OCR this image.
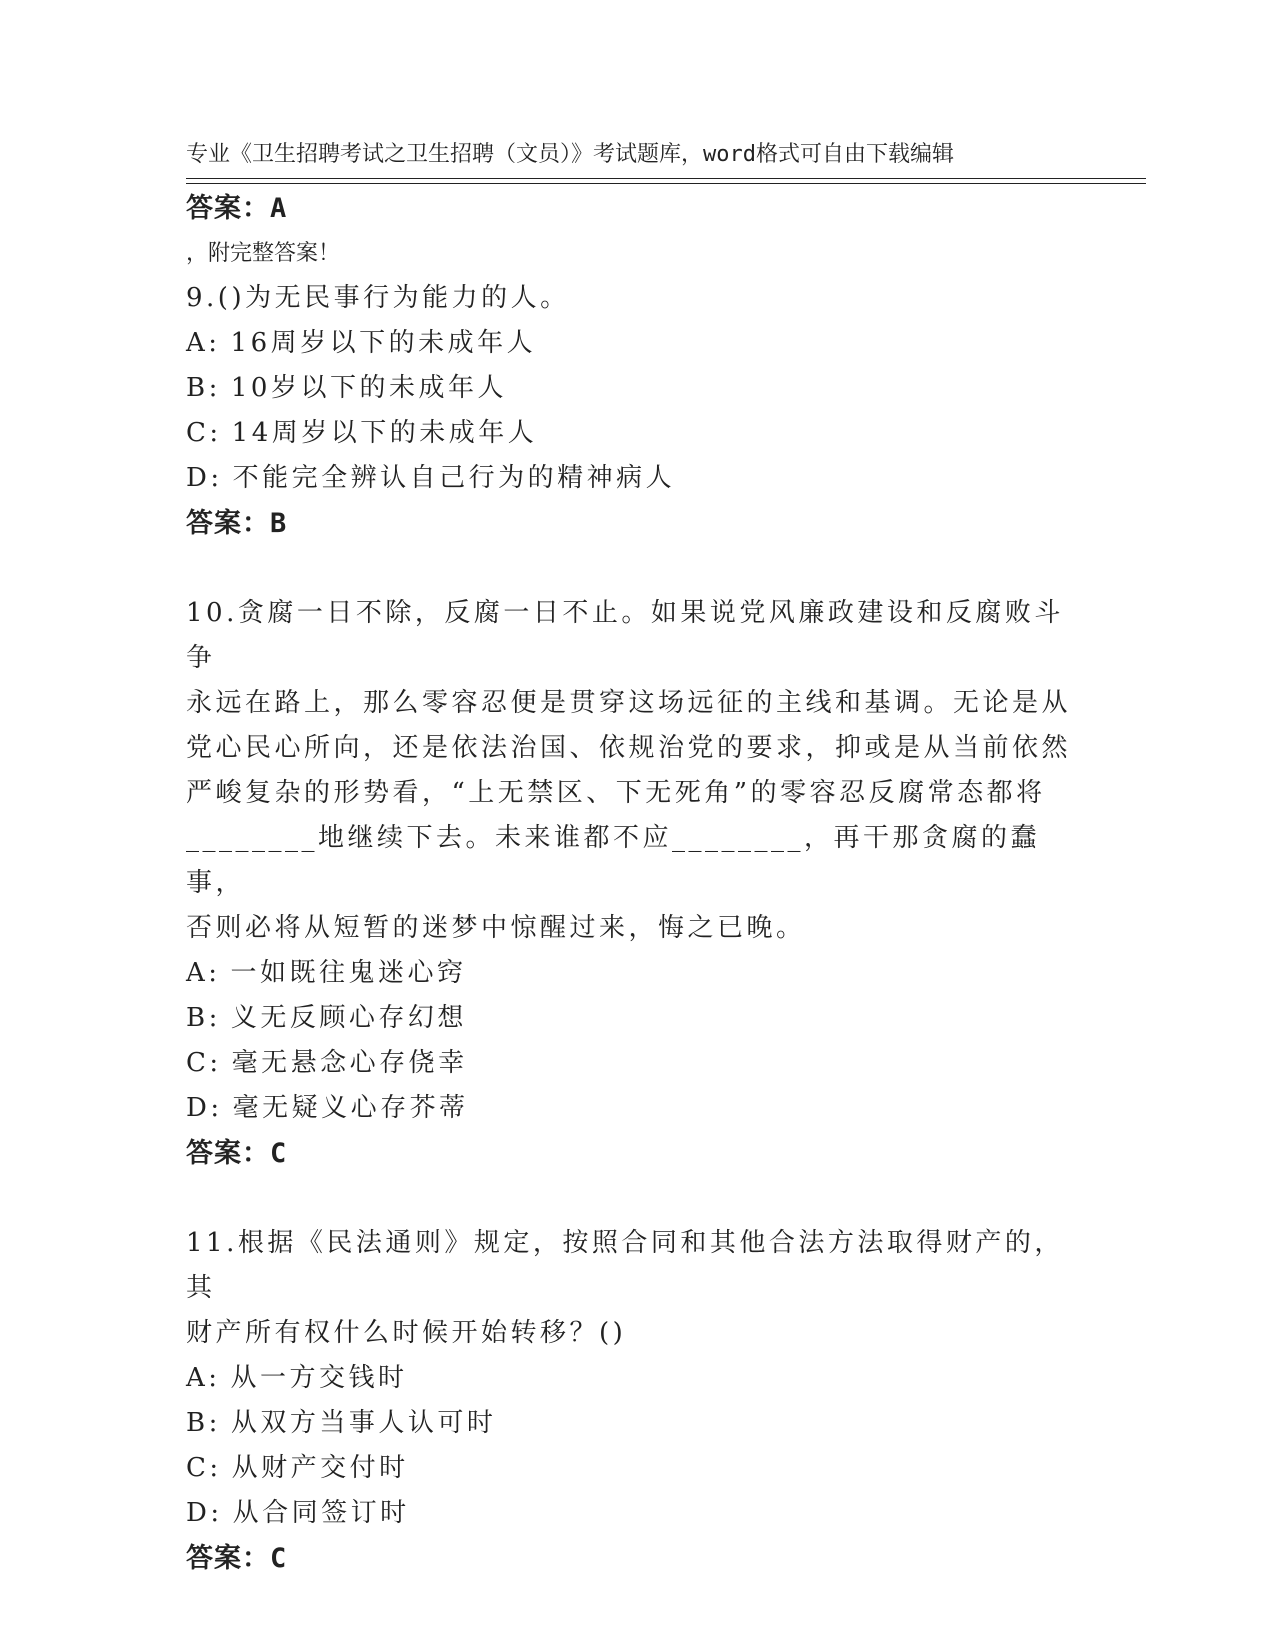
专业《卫生招聘考试之卫生招聘（文员）》考试题库，word格式可自由下载编辑

，附完整答案！

答案：A
9.()为无民事行为能力的人。
A: 16周岁以下的未成年人
B: 10岁以下的未成年人
C: 14周岁以下的未成年人
D: 不能完全辨认自己行为的精神病人
答案：B
10.贪腐一日不除，反腐一日不止。如果说党风廉政建设和反腐败斗争
永远在路上，那么零容忍便是贯穿这场远征的主线和基调。无论是从
党心民心所向，还是依法治国、依规治党的要求，抑或是从当前依然
严峻复杂的形势看，“上无禁区、下无死角”的零容忍反腐常态都将
________地继续下去。未来谁都不应________，再干那贪腐的蠢事，
否则必将从短暂的迷梦中惊醒过来，悔之已晚。
A: 一如既往鬼迷心窍
B: 义无反顾心存幻想
C: 毫无悬念心存侥幸
D: 毫无疑义心存芥蒂
答案：C
11.根据《民法通则》规定，按照合同和其他合法方法取得财产的，其
财产所有权什么时候开始转移？()
A: 从一方交钱时
B: 从双方当事人认可时
C: 从财产交付时
D: 从合同签订时
答案：C
